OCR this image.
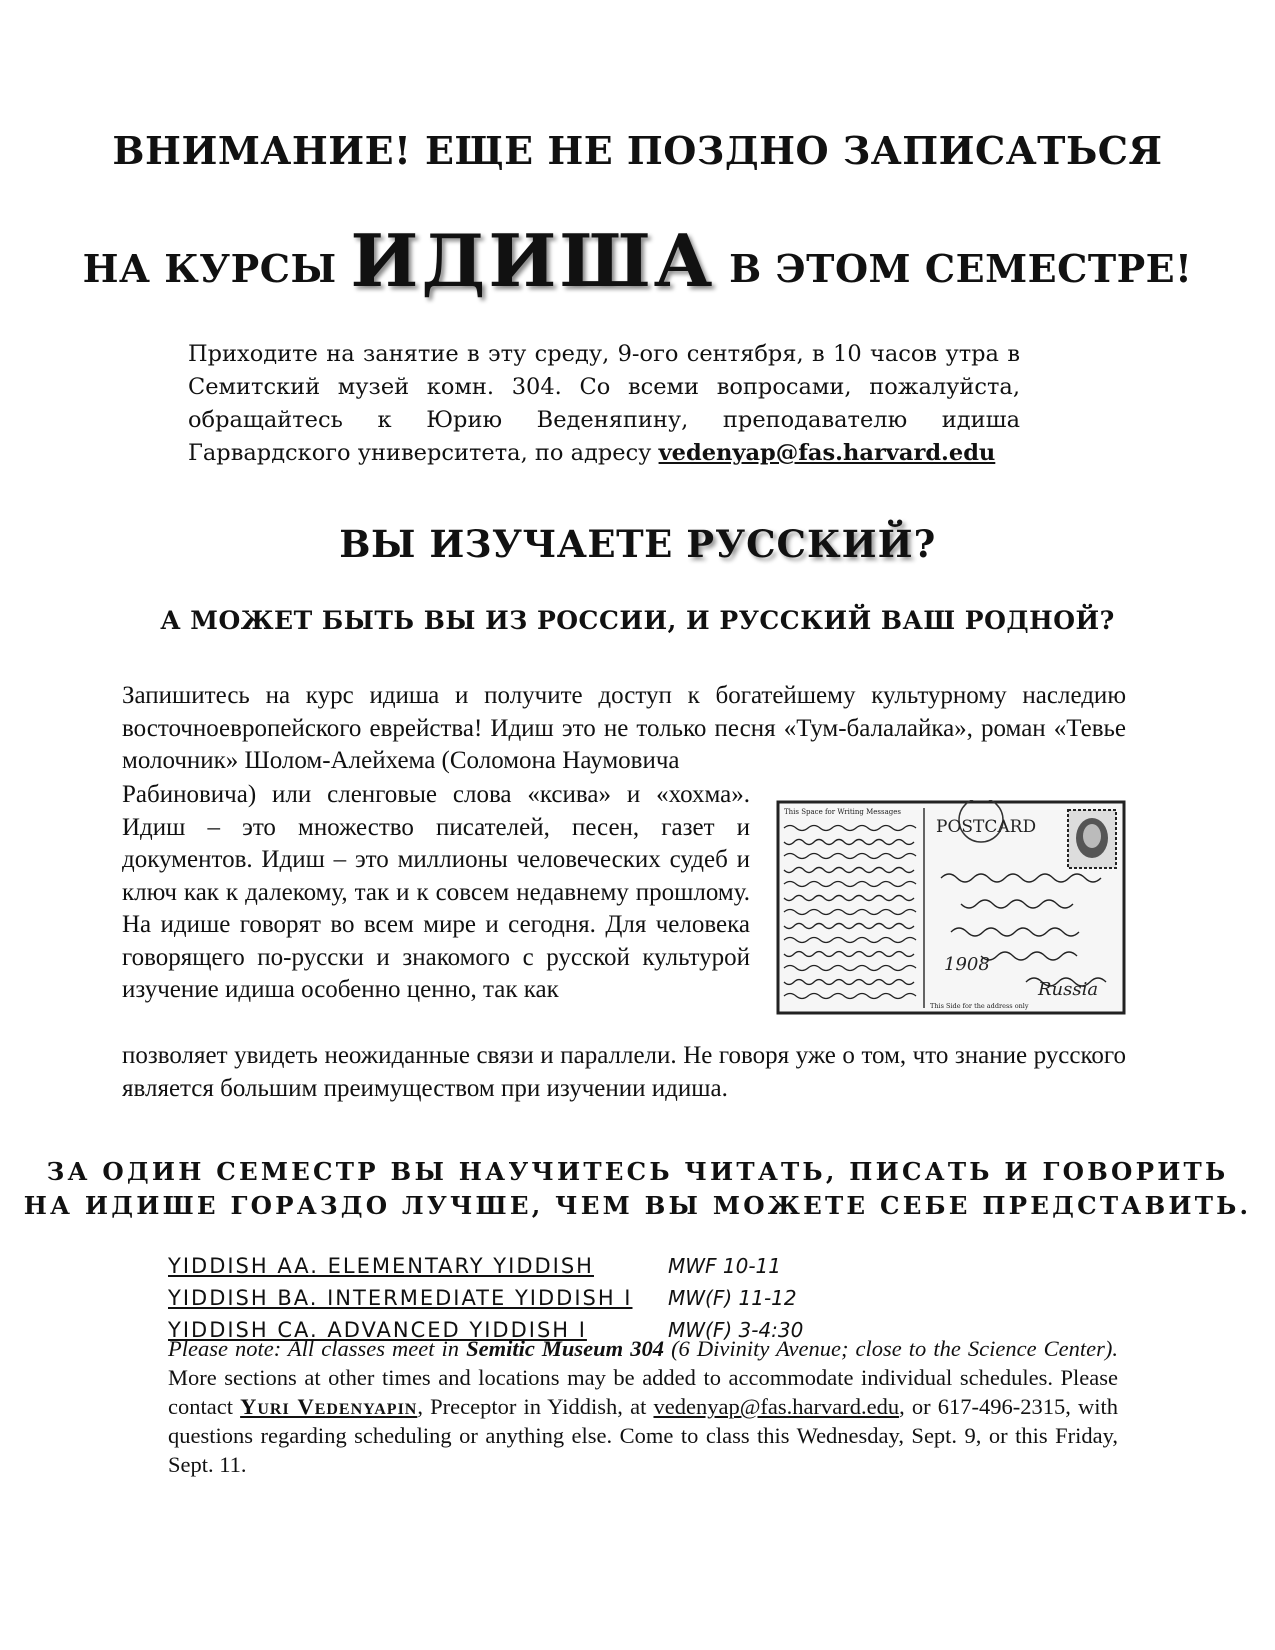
ВНИМАНИЕ! ЕЩЕ НЕ ПОЗДНО ЗАПИСАТЬСЯ
НА КУРСЫ ИДИША В ЭТОМ СЕМЕСТРЕ!
Приходите на занятие в эту среду, 9-ого сентября, в 10 часов утра в Семитский музей комн. 304. Со всеми вопросами, пожалуйста, обращайтесь к Юрию Веденяпину, преподавателю идиша Гарвардского университета, по адресу vedenyap@fas.harvard.edu
ВЫ ИЗУЧАЕТЕ РУССКИЙ?
А МОЖЕТ БЫТЬ ВЫ ИЗ РОССИИ, И РУССКИЙ ВАШ РОДНОЙ?
Запишитесь на курс идиша и получите доступ к богатейшему культурному наследию восточноевропейского еврейства! Идиш это не только песня «Тум-балалайка», роман «Тевье молочник» Шолом-Алейхема (Соломона Наумовича
Рабиновича) или сленговые слова «ксива» и «хохма». Идиш – это множество писателей, песен, газет и документов. Идиш – это миллионы человеческих судеб и ключ как к далекому, так и к совсем недавнему прошлому. На идише говорят во всем мире и сегодня. Для человека говорящего по-русски и знакомого с русской культурой изучение идиша особенно ценно, так как
позволяет увидеть неожиданные связи и параллели. Не говоря уже о том, что знание русского является большим преимуществом при изучении идиша.
This Space for Writing Messages
POSTCARD
1908
Russia
This Side for the address only
ЗА ОДИН СЕМЕСТР ВЫ НАУЧИТЕСЬ ЧИТАТЬ, ПИСАТЬ И ГОВОРИТЬ
НА ИДИШЕ ГОРАЗДО ЛУЧШЕ, ЧЕМ ВЫ МОЖЕТЕ СЕБЕ ПРЕДСТАВИТЬ.
YIDDISH AA. ELEMENTARY YIDDISH	MWF 10-11
YIDDISH BA. INTERMEDIATE YIDDISH I MW(F) 11-12
YIDDISH CA. ADVANCED YIDDISH I	MW(F) 3-4:30
Please note: All classes meet in Semitic Museum 304 (6 Divinity Avenue; close to the Science Center). More sections at other times and locations may be added to accommodate individual schedules. Please contact Yuri Vedenyapin, Preceptor in Yiddish, at vedenyap@fas.harvard.edu, or 617-496-2315, with questions regarding scheduling or anything else. Come to class this Wednesday, Sept. 9, or this Friday, Sept. 11.
